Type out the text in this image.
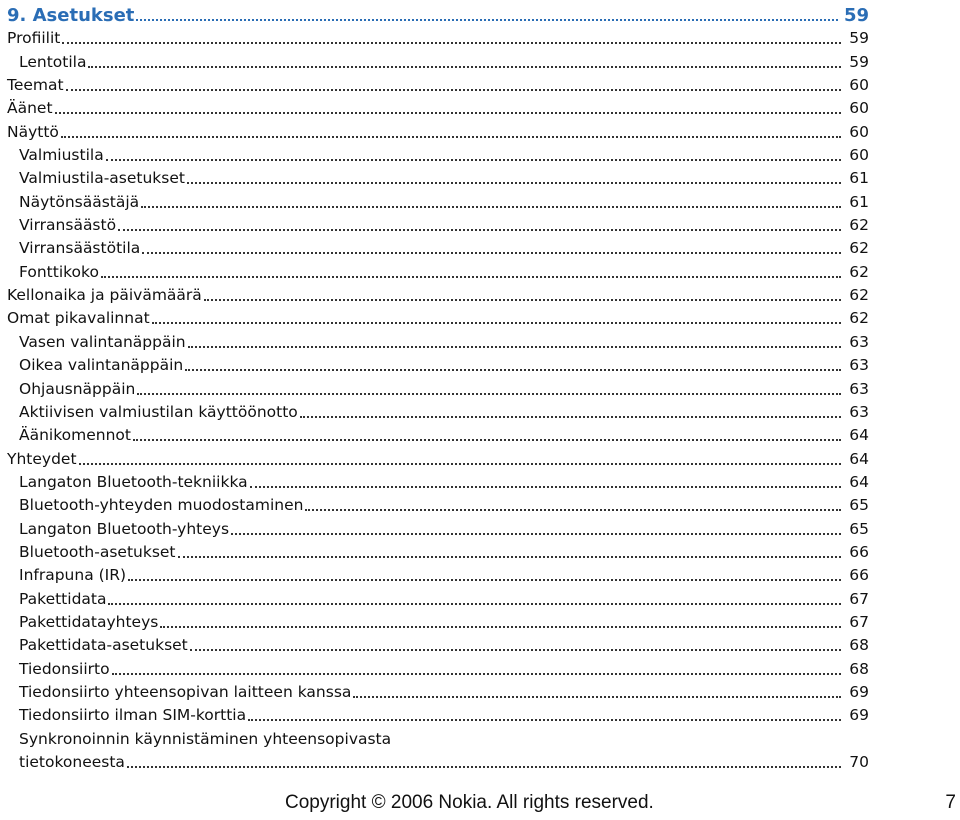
9. Asetukset	59
Profiilit	59
Lentotila	59
Teemat	60
Äänet	60
Näyttö	60
Valmiustila	60
Valmiustila-asetukset	61
Näytönsäästäjä	61
Virransäästö	62
Virransäästötila	62
Fonttikoko	62
Kellonaika ja päivämäärä	62
Omat pikavalinnat	62
Vasen valintanäppäin	63
Oikea valintanäppäin	63
Ohjausnäppäin	63
Aktiivisen valmiustilan käyttöönotto	63
Äänikomennot	64
Yhteydet	64
Langaton Bluetooth-tekniikka	64
Bluetooth-yhteyden muodostaminen	65
Langaton Bluetooth-yhteys	65
Bluetooth-asetukset	66
Infrapuna (IR)	66
Pakettidata	67
Pakettidatayhteys	67
Pakettidata-asetukset	68
Tiedonsiirto	68
Tiedonsiirto yhteensopivan laitteen kanssa	69
Tiedonsiirto ilman SIM-korttia	69
Synkronoinnin käynnistäminen yhteensopivasta
tietokoneesta	70
Copyright © 2006 Nokia. All rights reserved.	7
